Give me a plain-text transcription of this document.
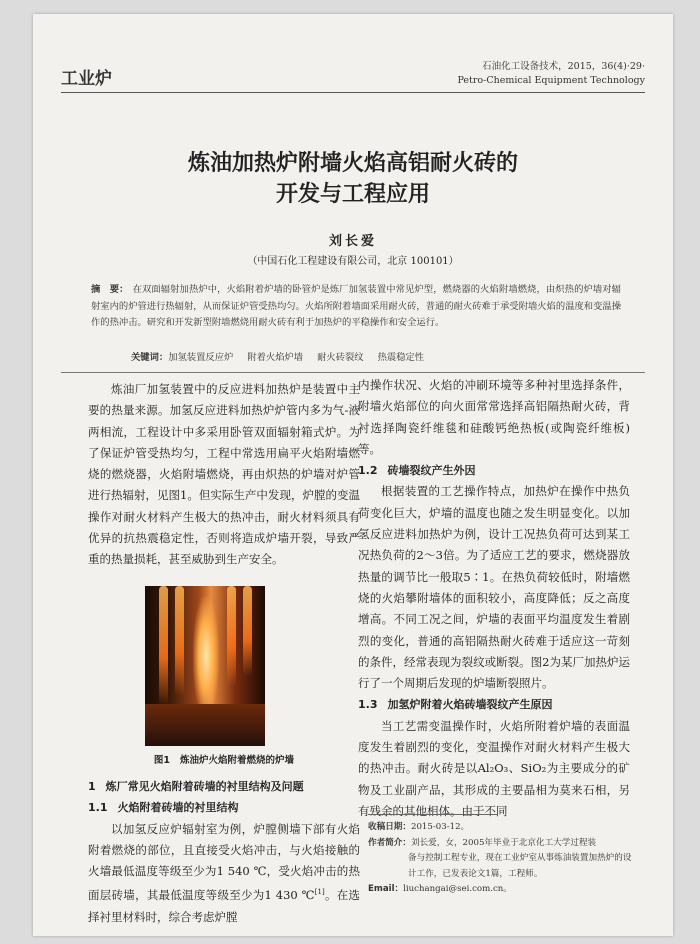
工业炉
石油化工设备技术，2015，36(4)·29·
Petro-Chemical Equipment Technology
炼油加热炉附墙火焰高铝耐火砖的
开发与工程应用
刘长爱
（中国石化工程建设有限公司，北京 100101）
摘　要： 在双面辐射加热炉中，火焰附着炉墙的卧管炉是炼厂加氢装置中常见炉型，燃烧器的火焰附墙燃烧，由炽热的炉墙对辐射室内的炉管进行热辐射，从而保证炉管受热均匀。火焰所附着墙面采用耐火砖，普通的耐火砖难于承受附墙火焰的温度和变温操作的热冲击。研究和开发新型附墙燃烧用耐火砖有利于加热炉的平稳操作和安全运行。
关键词：加氢装置反应炉 附着火焰炉墙 耐火砖裂纹 热震稳定性

炼油厂加氢装置中的反应进料加热炉是装置中主要的热量来源。加氢反应进料加热炉炉管内多为气-液两相流，工程设计中多采用卧管双面辐射箱式炉。为了保证炉管受热均匀，工程中常选用扁平火焰附墙燃烧的燃烧器，火焰附墙燃烧，再由炽热的炉墙对炉管进行热辐射，见图1。但实际生产中发现，炉膛的变温操作对耐火材料产生极大的热冲击，耐火材料须具有优异的抗热震稳定性，否则将造成炉墙开裂，导致严重的热量损耗，甚至威胁到生产安全。

图1 炼油炉火焰附着燃烧的炉墙
1 炼厂常见火焰附着砖墙的衬里结构及问题
1.1 火焰附着砖墙的衬里结构

以加氢反应炉辐射室为例，炉膛侧墙下部有火焰附着燃烧的部位，且直接受火焰冲击，与火焰接触的火墙最低温度等级至少为1 540 ℃，受火焰冲击的热面层砖墙，其最低温度等级至少为1 430 ℃[1]。在选择衬里材料时，综合考虑炉膛

内操作状况、火焰的冲刷环境等多种衬里选择条件，附墙火焰部位的向火面常常选择高铝隔热耐火砖，背衬选择陶瓷纤维毯和硅酸钙绝热板(或陶瓷纤维板)等。

1.2 砖墙裂纹产生外因

根据装置的工艺操作特点，加热炉在操作中热负荷变化巨大，炉墙的温度也随之发生明显变化。以加氢反应进料加热炉为例，设计工况热负荷可达到某工况热负荷的2～3倍。为了适应工艺的要求，燃烧器放热量的调节比一般取5∶1。在热负荷较低时，附墙燃烧的火焰攀附墙体的面积较小，高度降低；反之高度增高。不同工况之间，炉墙的表面平均温度发生着剧烈的变化，普通的高铝隔热耐火砖难于适应这一苛刻的条件，经常表现为裂纹或断裂。图2为某厂加热炉运行了一个周期后发现的炉墙断裂照片。

1.3 加氢炉附着火焰砖墙裂纹产生原因

当工艺需变温操作时，火焰所附着炉墙的表面温度发生着剧烈的变化，变温操作对耐火材料产生极大的热冲击。耐火砖是以Al₂O₃、SiO₂为主要成分的矿物及工业副产品，其形成的主要晶相为莫来石相，另有残余的其他相体。由于不同

收稿日期：2015-03-12。
作者简介：刘长爱，女，2005年毕业于北京化工大学过程装
备与控制工程专业，现在工业炉室从事炼油装置加热炉的设
计工作，已发表论文1篇，工程师。
Email：liuchangai@sei.com.cn。
